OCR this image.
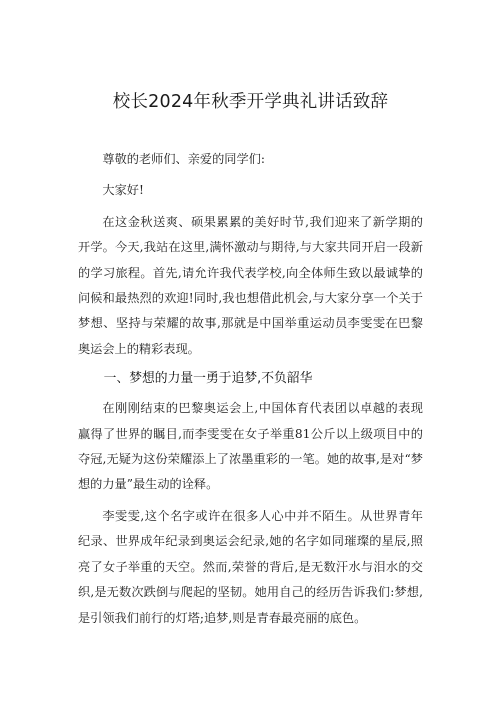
校长2024年秋季开学典礼讲话致辞

尊敬的老师们、亲爱的同学们:

大家好!

在这金秋送爽、硕果累累的美好时节,我们迎来了新学期的开学。今天,我站在这里,满怀激动与期待,与大家共同开启一段新的学习旅程。首先,请允许我代表学校,向全体师生致以最诚挚的问候和最热烈的欢迎!同时,我也想借此机会,与大家分享一个关于梦想、坚持与荣耀的故事,那就是中国举重运动员李雯雯在巴黎奥运会上的精彩表现。

一、梦想的力量一勇于追梦,不负韶华

在刚刚结束的巴黎奥运会上,中国体育代表团以卓越的表现赢得了世界的瞩目,而李雯雯在女子举重81公斤以上级项目中的夺冠,无疑为这份荣耀添上了浓墨重彩的一笔。她的故事,是对“梦想的力量”最生动的诠释。

李雯雯,这个名字或许在很多人心中并不陌生。从世界青年纪录、世界成年纪录到奥运会纪录,她的名字如同璀璨的星辰,照亮了女子举重的天空。然而,荣誉的背后,是无数汗水与泪水的交织,是无数次跌倒与爬起的坚韧。她用自己的经历告诉我们:梦想,是引领我们前行的灯塔;追梦,则是青春最亮丽的底色。
